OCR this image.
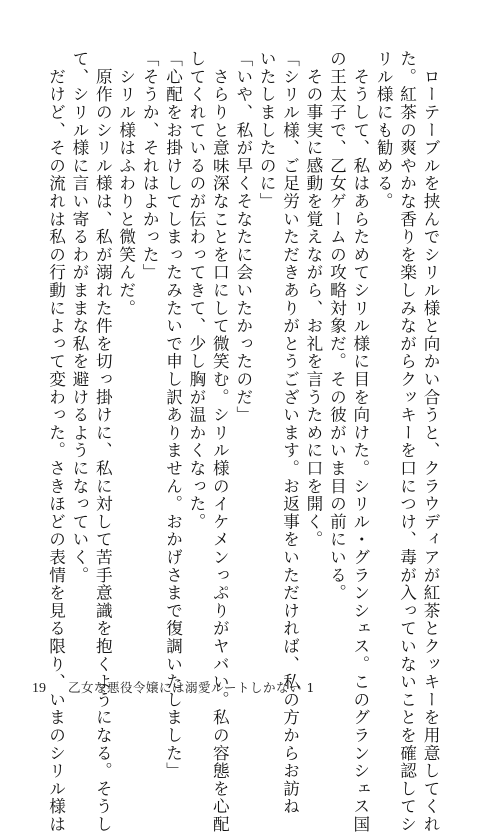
　ローテーブルを挟んでシリル様と向かい合うと、クラウディアが紅茶とクッキーを用意してくれ
た。紅茶の爽やかな香りを楽しみながらクッキーを口につけ、毒が入っていないことを確認してシ
リル様にも勧める。
　そうして、私はあらためてシリル様に目を向けた。シリル・グランシェス。このグランシェス国
の王太子で、乙女ゲームの攻略対象だ。その彼がいま目の前にいる。
　その事実に感動を覚えながら、お礼を言うために口を開く。
「シリル様、ご足労いただきありがとうございます。お返事をいただければ、私の方からお訪ね
いたしましたのに」
「いや、私が早くそなたに会いたかったのだ」
　さらりと意味深なことを口にして微笑む。シリル様のイケメンっぷりがヤバい。私の容態を心配
してくれているのが伝わってきて、少し胸が温かくなった。
「心配をお掛けしてしまったみたいで申し訳ありません。おかげさまで復調いたしました」
「そうか、それはよかった」
　シリル様はふわりと微笑んだ。
　原作のシリル様は、私が溺れた件を切っ掛けに、私に対して苦手意識を抱くようになる。そうし
て、シリル様に言い寄るわがままな私を避けるようになっていく。
　だけど、その流れは私の行動によって変わった。さきほどの表情を見る限り、いまのシリル様は
19 乙女な悪役令嬢には溺愛ルートしかない 1
